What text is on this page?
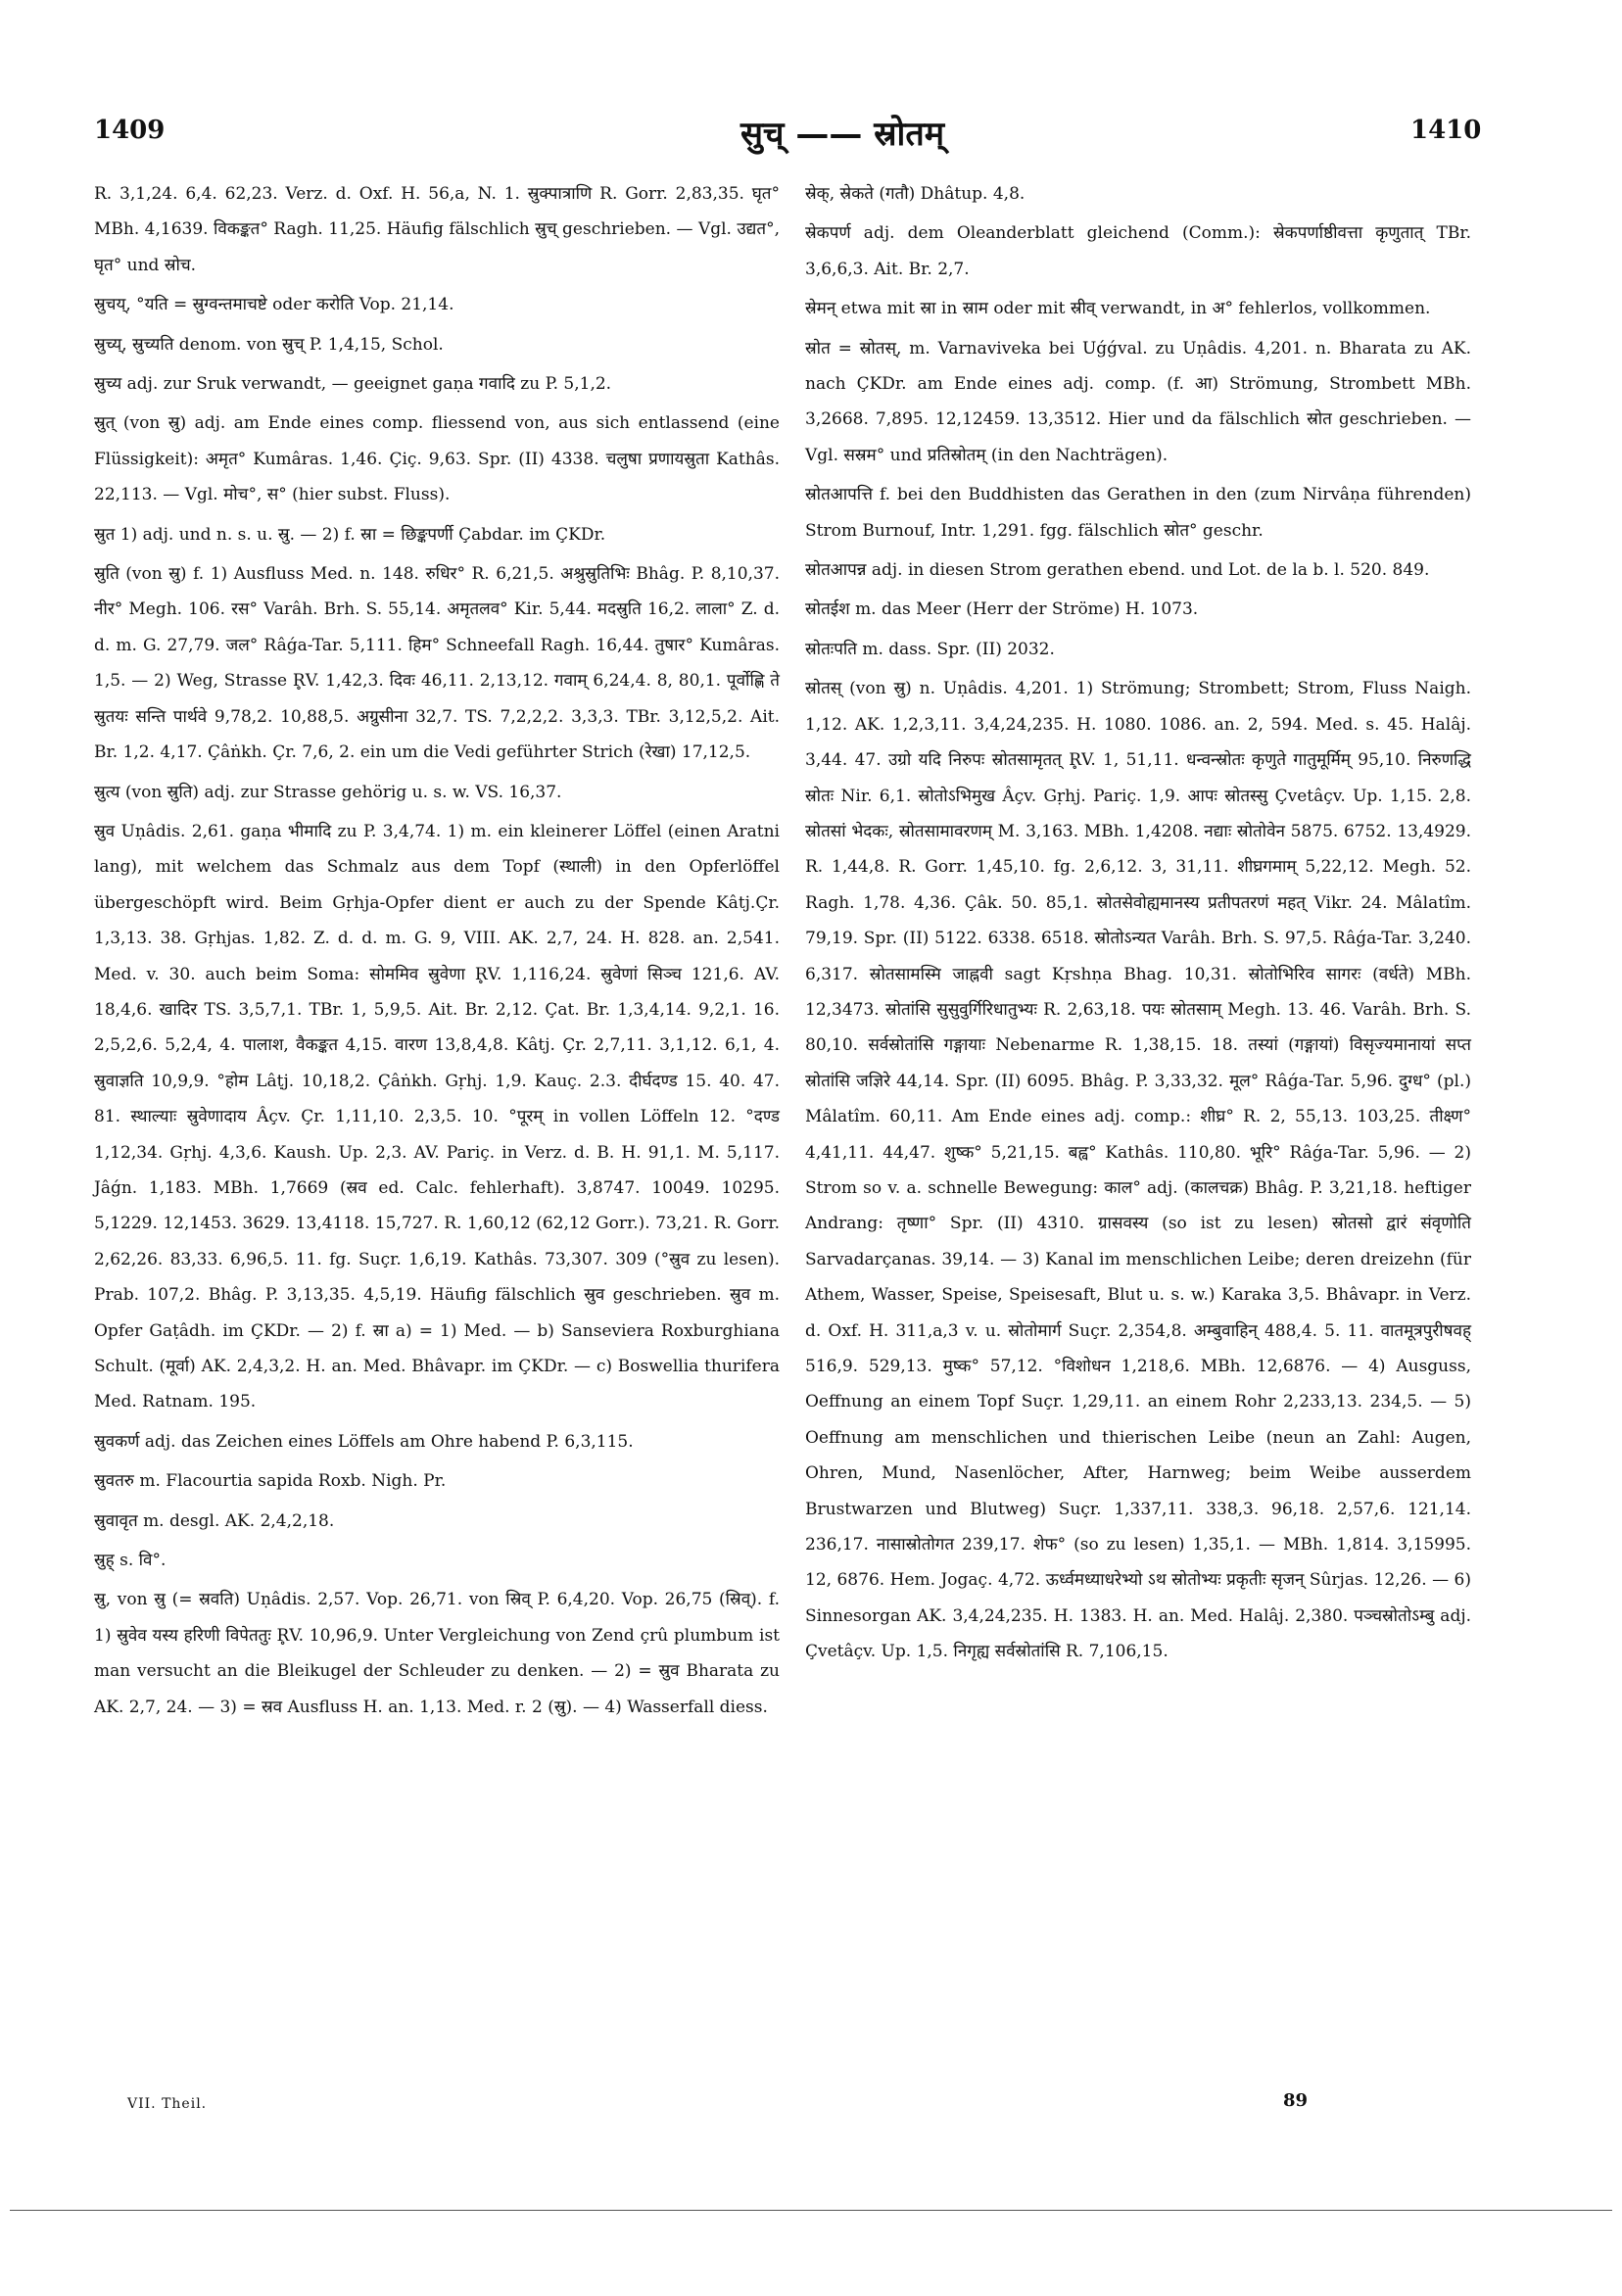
1409	सुच् —— स्रोतम्	1410

R. 3,1,24. 6,4. 62,23. Verz. d. Oxf. H. 56,a, N. 1. स्रुक्पात्राणि R. Gorr. 2,83,35. घृत° MBh. 4,1639. विकङ्कत° Ragh. 11,25. Häufig fälschlich स्रुच् geschrieben. — Vgl. उद्यत°, घृत° und स्रोच.

स्रुचय्, °यति = स्रुग्वन्तमाचष्टे oder करोति Vop. 21,14.

स्रुच्य्, स्रुच्यति denom. von स्रुच् P. 1,4,15, Schol.

स्रुच्य adj. zur Sruk verwandt, — geeignet gaṇa गवादि zu P. 5,1,2.

स्रुत् (von स्रु) adj. am Ende eines comp. fliessend von, aus sich entlassend (eine Flüssigkeit): अमृत° Kumâras. 1,46. Çiç. 9,63. Spr. (II) 4338. चलुषा प्रणायस्रुता Kathâs. 22,113. — Vgl. मोच°, स° (hier subst. Fluss).

स्रुत 1) adj. und n. s. u. स्रु. — 2) f. स्रा = छिङ्कपर्णी Çabdar. im ÇKDr.

स्रुति (von स्रु) f. 1) Ausfluss Med. n. 148. रुधिर° R. 6,21,5. अश्रुस्रुतिभिः Bhâg. P. 8,10,37. नीर° Megh. 106. रस° Varâh. Brh. S. 55,14. अमृतलव° Kir. 5,44. मदस्रुति 16,2. लाला° Z. d. d. m. G. 27,79. जल° Râǵa-Tar. 5,111. हिम° Schneefall Ragh. 16,44. तुषार° Kumâras. 1,5. — 2) Weg, Strasse R̥V. 1,42,3. दिवः 46,11. 2,13,12. गवाम् 6,24,4. 8, 80,1. पूर्वोह्णि ते स्रुतयः सन्ति पार्थवे 9,78,2. 10,88,5. अग्रुसीना 32,7. TS. 7,2,2,2. 3,3,3. TBr. 3,12,5,2. Ait. Br. 1,2. 4,17. Çâṅkh. Çr. 7,6, 2. ein um die Vedi geführter Strich (रेखा) 17,12,5.

स्रुत्य (von स्रुति) adj. zur Strasse gehörig u. s. w. VS. 16,37.

स्रुव Uṇâdis. 2,61. gaṇa भीमादि zu P. 3,4,74. 1) m. ein kleinerer Löffel (einen Aratni lang), mit welchem das Schmalz aus dem Topf (स्थाली) in den Opferlöffel übergeschöpft wird. Beim Gṛhja-Opfer dient er auch zu der Spende Kâtj.Çr. 1,3,13. 38. Gṛhjas. 1,82. Z. d. d. m. G. 9, VIII. AK. 2,7, 24. H. 828. an. 2,541. Med. v. 30. auch beim Soma: सोममिव स्रुवेणा R̥V. 1,116,24. स्रुवेणां सिञ्च 121,6. AV. 18,4,6. खादिर TS. 3,5,7,1. TBr. 1, 5,9,5. Ait. Br. 2,12. Çat. Br. 1,3,4,14. 9,2,1. 16. 2,5,2,6. 5,2,4, 4. पालाश, वैकङ्कत 4,15. वारण 13,8,4,8. Kâtj. Çr. 2,7,11. 3,1,12. 6,1, 4. स्रुवाज्ञति 10,9,9. °होम Lâṭj. 10,18,2. Çâṅkh. Gṛhj. 1,9. Kauç. 2.3. दीर्घदण्ड 15. 40. 47. 81. स्थाल्याः स्रुवेणादाय Âçv. Çr. 1,11,10. 2,3,5. 10. °पूरम् in vollen Löffeln 12. °दण्ड 1,12,34. Gṛhj. 4,3,6. Kaush. Up. 2,3. AV. Pariç. in Verz. d. B. H. 91,1. M. 5,117. Jâǵn. 1,183. MBh. 1,7669 (स्रव ed. Calc. fehlerhaft). 3,8747. 10049. 10295. 5,1229. 12,1453. 3629. 13,4118. 15,727. R. 1,60,12 (62,12 Gorr.). 73,21. R. Gorr. 2,62,26. 83,33. 6,96,5. 11. fg. Suçr. 1,6,19. Kathâs. 73,307. 309 (°स्रुव zu lesen). Prab. 107,2. Bhâg. P. 3,13,35. 4,5,19. Häufig fälschlich स्रुव geschrieben. स्रुव m. Opfer Gaṭâdh. im ÇKDr. — 2) f. स्रा a) = 1) Med. — b) Sanseviera Roxburghiana Schult. (मूर्वा) AK. 2,4,3,2. H. an. Med. Bhâvapr. im ÇKDr. — c) Boswellia thurifera Med. Ratnam. 195.

स्रुवकर्ण adj. das Zeichen eines Löffels am Ohre habend P. 6,3,115.

स्रुवतरु m. Flacourtia sapida Roxb. Nigh. Pr.

स्रुवावृत m. desgl. AK. 2,4,2,18.

स्रुह् s. वि°.

स्रु, von स्रु (= स्रवति) Uṇâdis. 2,57. Vop. 26,71. von स्रिव् P. 6,4,20. Vop. 26,75 (स्रिव्). f. 1) स्रुवेव यस्य हरिणी विपेततुः R̥V. 10,96,9. Unter Vergleichung von Zend çrû plumbum ist man versucht an die Bleikugel der Schleuder zu denken. — 2) = स्रुव Bharata zu AK. 2,7, 24. — 3) = स्रव Ausfluss H. an. 1,13. Med. r. 2 (स्रु). — 4) Wasserfall diess.

स्रेक्, स्रेकते (गतौ) Dhâtup. 4,8.

स्रेकपर्ण adj. dem Oleanderblatt gleichend (Comm.): स्रेकपर्णाष्ठीवत्ता कृणुतात् TBr. 3,6,6,3. Ait. Br. 2,7.

स्रेमन् etwa mit स्रा in स्राम oder mit स्रीव् verwandt, in अ° fehlerlos, vollkommen.

स्रोत = स्रोतस्, m. Varnaviveka bei Uǵǵval. zu Uṇâdis. 4,201. n. Bharata zu AK. nach ÇKDr. am Ende eines adj. comp. (f. आ) Strömung, Strombett MBh. 3,2668. 7,895. 12,12459. 13,3512. Hier und da fälschlich स्रोत geschrieben. — Vgl. सस्रम° und प्रतिस्रोतम् (in den Nachträgen).

स्रोतआपत्ति f. bei den Buddhisten das Gerathen in den (zum Nirvâṇa führenden) Strom Burnouf, Intr. 1,291. fgg. fälschlich स्रोत° geschr.

स्रोतआपन्न adj. in diesen Strom gerathen ebend. und Lot. de la b. l. 520. 849.

स्रोतईश m. das Meer (Herr der Ströme) H. 1073.

स्रोतःपति m. dass. Spr. (II) 2032.

स्रोतस् (von स्रु) n. Uṇâdis. 4,201. 1) Strömung; Strombett; Strom, Fluss Naigh. 1,12. AK. 1,2,3,11. 3,4,24,235. H. 1080. 1086. an. 2, 594. Med. s. 45. Halâj. 3,44. 47. उग्रो यदि निरुपः स्रोतसामृतत् R̥V. 1, 51,11. धन्वन्स्रोतः कृणुते गातुमूर्मिम् 95,10. निरुणद्धि स्रोतः Nir. 6,1. स्रोतोऽभिमुख Âçv. Gṛhj. Pariç. 1,9. आपः स्रोतस्सु Çvetâçv. Up. 1,15. 2,8. स्रोतसां भेदकः, स्रोतसामावरणम् M. 3,163. MBh. 1,4208. नद्याः स्रोतोवेन 5875. 6752. 13,4929. R. 1,44,8. R. Gorr. 1,45,10. fg. 2,6,12. 3, 31,11. शीघ्रगमाम् 5,22,12. Megh. 52. Ragh. 1,78. 4,36. Çâk. 50. 85,1. स्रोतसेवोह्यमानस्य प्रतीपतरणं महत् Vikr. 24. Mâlatîm. 79,19. Spr. (II) 5122. 6338. 6518. स्रोतोऽन्यत Varâh. Brh. S. 97,5. Râǵa-Tar. 3,240. 6,317. स्रोतसामस्मि जाह्नवी sagt Kṛshṇa Bhag. 10,31. स्रोतोभिरिव सागरः (वर्धते) MBh. 12,3473. स्रोतांसि सुसुवुर्गिरिधातुभ्यः R. 2,63,18. पयः स्रोतसाम् Megh. 13. 46. Varâh. Brh. S. 80,10. सर्वस्रोतांसि गङ्गायाः Nebenarme R. 1,38,15. 18. तस्यां (गङ्गायां) विसृज्यमानायां सप्त स्रोतांसि जज्ञिरे 44,14. Spr. (II) 6095. Bhâg. P. 3,33,32. मूल° Râǵa-Tar. 5,96. दुग्ध° (pl.) Mâlatîm. 60,11. Am Ende eines adj. comp.: शीघ्र° R. 2, 55,13. 103,25. तीक्ष्ण° 4,41,11. 44,47. शुष्क° 5,21,15. बह्व° Kathâs. 110,80. भूरि° Râǵa-Tar. 5,96. — 2) Strom so v. a. schnelle Bewegung: काल° adj. (कालचक्र) Bhâg. P. 3,21,18. heftiger Andrang: तृष्णा° Spr. (II) 4310. ग्रासवस्य (so ist zu lesen) स्रोतसो द्वारं संवृणोति Sarvadarçanas. 39,14. — 3) Kanal im menschlichen Leibe; deren dreizehn (für Athem, Wasser, Speise, Speisesaft, Blut u. s. w.) Karaka 3,5. Bhâvapr. in Verz. d. Oxf. H. 311,a,3 v. u. स्रोतोमार्ग Suçr. 2,354,8. अम्बुवाहिन् 488,4. 5. 11. वातमूत्रपुरीषवह् 516,9. 529,13. मुष्क° 57,12. °विशोधन 1,218,6. MBh. 12,6876. — 4) Ausguss, Oeffnung an einem Topf Suçr. 1,29,11. an einem Rohr 2,233,13. 234,5. — 5) Oeffnung am menschlichen und thierischen Leibe (neun an Zahl: Augen, Ohren, Mund, Nasenlöcher, After, Harnweg; beim Weibe ausserdem Brustwarzen und Blutweg) Suçr. 1,337,11. 338,3. 96,18. 2,57,6. 121,14. 236,17. नासास्रोतोगत 239,17. शेफ° (so zu lesen) 1,35,1. — MBh. 1,814. 3,15995. 12, 6876. Hem. Jogaç. 4,72. ऊर्ध्वमध्याधरेभ्यो ऽथ स्रोतोभ्यः प्रकृतीः सृजन् Sûrjas. 12,26. — 6) Sinnesorgan AK. 3,4,24,235. H. 1383. H. an. Med. Halâj. 2,380. पञ्चस्रोतोऽम्बु adj. Çvetâçv. Up. 1,5. निगृह्य सर्वस्रोतांसि R. 7,106,15.

VII. Theil.	89
